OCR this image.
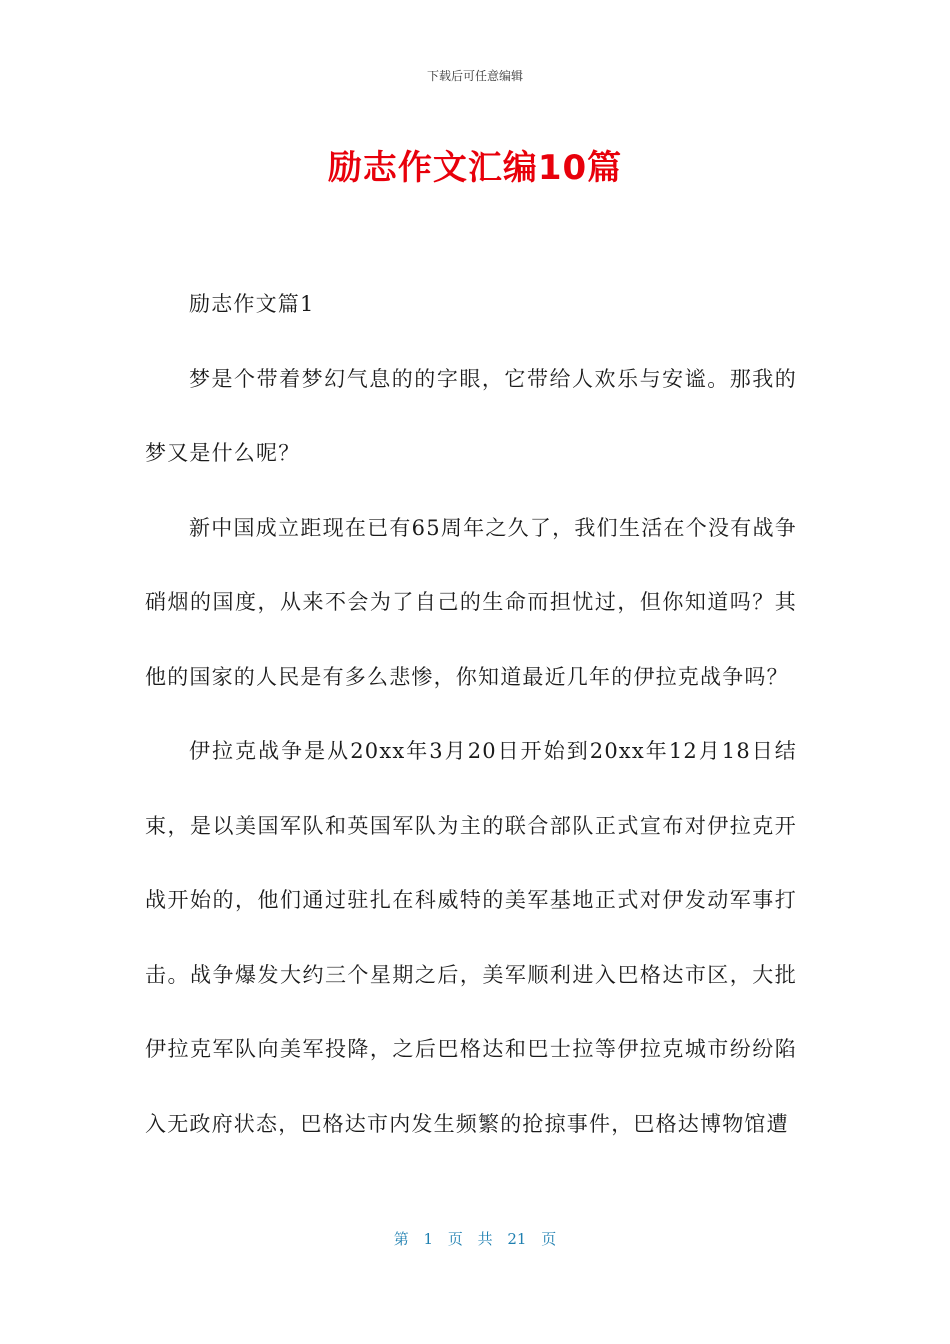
下载后可任意编辑
励志作文汇编10篇

励志作文篇1

梦是个带着梦幻气息的的字眼，它带给人欢乐与安谧。那我的梦又是什么呢？

新中国成立距现在已有65周年之久了，我们生活在个没有战争硝烟的国度，从来不会为了自己的生命而担忧过，但你知道吗？其他的国家的人民是有多么悲惨，你知道最近几年的伊拉克战争吗？

伊拉克战争是从20xx年3月20日开始到20xx年12月18日结束，是以美国军队和英国军队为主的联合部队正式宣布对伊拉克开战开始的，他们通过驻扎在科威特的美军基地正式对伊发动军事打击。战争爆发大约三个星期之后，美军顺利进入巴格达市区，大批伊拉克军队向美军投降，之后巴格达和巴士拉等伊拉克城市纷纷陷入无政府状态，巴格达市内发生频繁的抢掠事件，巴格达博物馆遭

第 1 页 共 21 页
